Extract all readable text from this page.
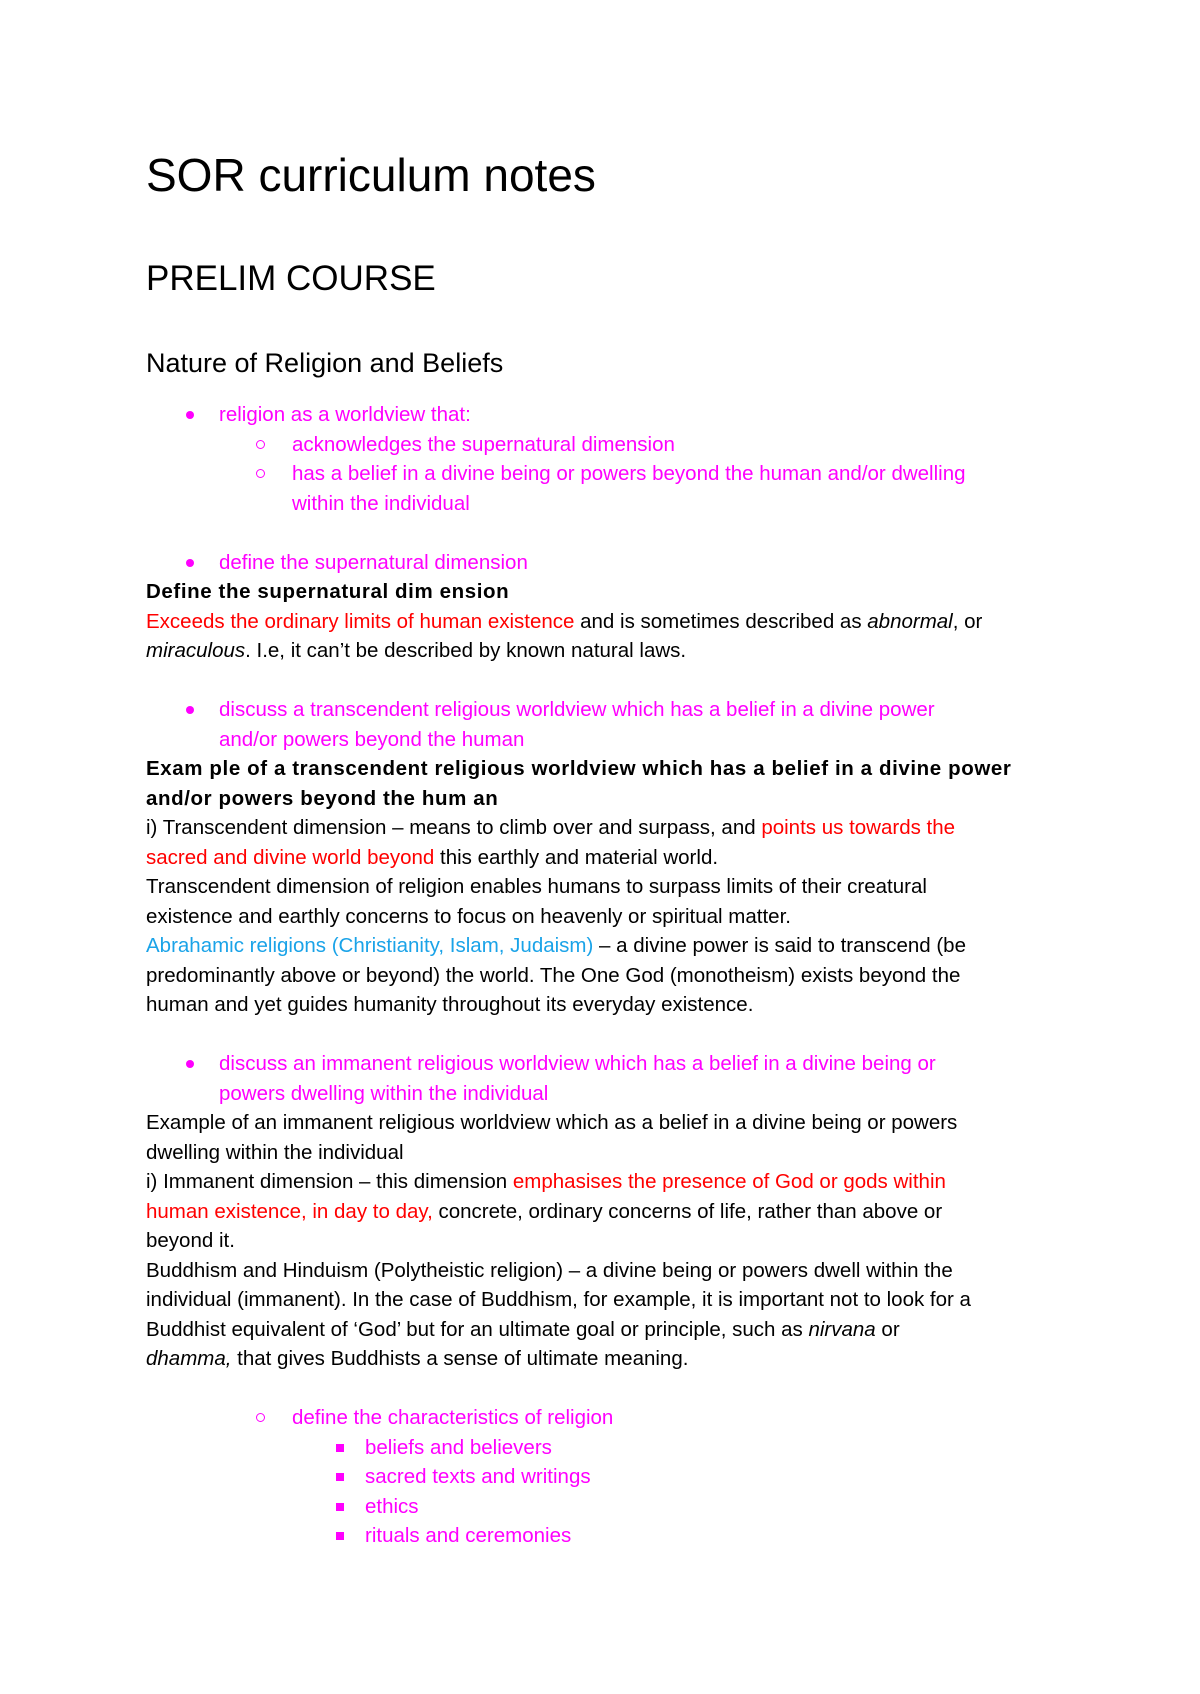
SOR curriculum notes
PRELIM COURSE
Nature of Religion and Beliefs
religion as a worldview that:
acknowledges the supernatural dimension
has a belief in a divine being or powers beyond the human and/or dwelling
within the individual
define the supernatural dimension
Define the supernatural dim ension
Exceeds the ordinary limits of human existence and is sometimes described as abnormal, or
miraculous. I.e, it can’t be described by known natural laws.
discuss a transcendent religious worldview which has a belief in a divine power
and/or powers beyond the human
Exam ple of a transcendent religious worldview which has a belief in a divine power
and/or powers beyond the hum an
i) Transcendent dimension – means to climb over and surpass, and points us towards the
sacred and divine world beyond this earthly and material world.
Transcendent dimension of religion enables humans to surpass limits of their creatural
existence and earthly concerns to focus on heavenly or spiritual matter.
Abrahamic religions (Christianity, Islam, Judaism) – a divine power is said to transcend (be
predominantly above or beyond) the world. The One God (monotheism) exists beyond the
human and yet guides humanity throughout its everyday existence.
discuss an immanent religious worldview which has a belief in a divine being or
powers dwelling within the individual
Example of an immanent religious worldview which as a belief in a divine being or powers
dwelling within the individual
i) Immanent dimension – this dimension emphasises the presence of God or gods within
human existence, in day to day, concrete, ordinary concerns of life, rather than above or
beyond it.
Buddhism and Hinduism (Polytheistic religion) – a divine being or powers dwell within the
individual (immanent). In the case of Buddhism, for example, it is important not to look for a
Buddhist equivalent of ‘God’ but for an ultimate goal or principle, such as nirvana or
dhamma, that gives Buddhists a sense of ultimate meaning.
define the characteristics of religion
beliefs and believers
sacred texts and writings
ethics
rituals and ceremonies
